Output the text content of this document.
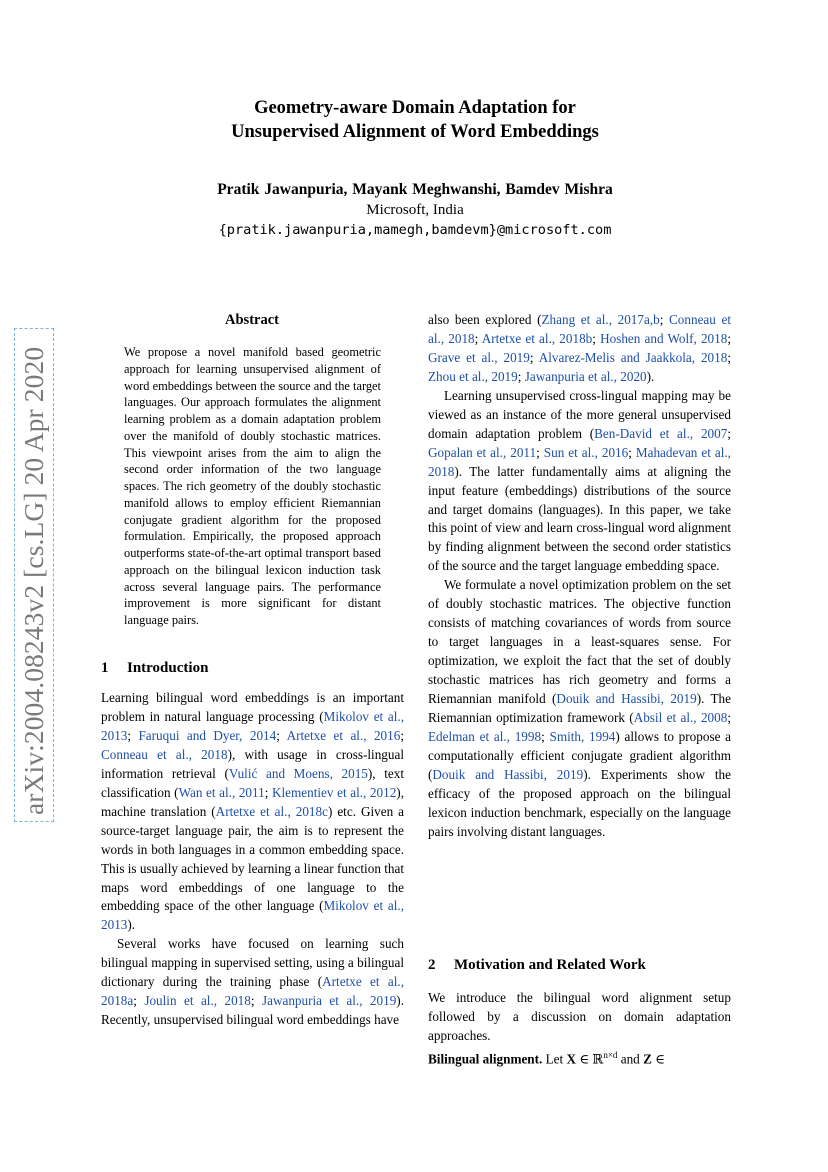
arXiv:2004.08243v2 [cs.LG] 20 Apr 2020
Geometry-aware Domain Adaptation for
Unsupervised Alignment of Word Embeddings
Pratik Jawanpuria, Mayank Meghwanshi, Bamdev Mishra
Microsoft, India
{pratik.jawanpuria,mamegh,bamdevm}@microsoft.com
Abstract
We propose a novel manifold based geometric approach for learning unsupervised alignment of word embeddings between the source and the target languages. Our approach formulates the alignment learning problem as a domain adaptation problem over the manifold of doubly stochastic matrices. This viewpoint arises from the aim to align the second order information of the two language spaces. The rich geometry of the doubly stochastic manifold allows to employ efficient Riemannian conjugate gradient algorithm for the proposed formulation. Empirically, the proposed approach outperforms state-of-the-art optimal transport based approach on the bilingual lexicon induction task across several language pairs. The performance improvement is more significant for distant language pairs.
1 Introduction

Learning bilingual word embeddings is an important problem in natural language processing (Mikolov et al., 2013; Faruqui and Dyer, 2014; Artetxe et al., 2016; Conneau et al., 2018), with usage in cross-lingual information retrieval (Vulić and Moens, 2015), text classification (Wan et al., 2011; Klementiev et al., 2012), machine translation (Artetxe et al., 2018c) etc. Given a source-target language pair, the aim is to represent the words in both languages in a common embedding space. This is usually achieved by learning a linear function that maps word embeddings of one language to the embedding space of the other language (Mikolov et al., 2013).

Several works have focused on learning such bilingual mapping in supervised setting, using a bilingual dictionary during the training phase (Artetxe et al., 2018a; Joulin et al., 2018; Jawanpuria et al., 2019). Recently, unsupervised bilingual word embeddings have

also been explored (Zhang et al., 2017a,b; Conneau et al., 2018; Artetxe et al., 2018b; Hoshen and Wolf, 2018; Grave et al., 2019; Alvarez-Melis and Jaakkola, 2018; Zhou et al., 2019; Jawanpuria et al., 2020).

Learning unsupervised cross-lingual mapping may be viewed as an instance of the more general unsupervised domain adaptation problem (Ben-David et al., 2007; Gopalan et al., 2011; Sun et al., 2016; Mahadevan et al., 2018). The latter fundamentally aims at aligning the input feature (embeddings) distributions of the source and target domains (languages). In this paper, we take this point of view and learn cross-lingual word alignment by finding alignment between the second order statistics of the source and the target language embedding space.

We formulate a novel optimization problem on the set of doubly stochastic matrices. The objective function consists of matching covariances of words from source to target languages in a least-squares sense. For optimization, we exploit the fact that the set of doubly stochastic matrices has rich geometry and forms a Riemannian manifold (Douik and Hassibi, 2019). The Riemannian optimization framework (Absil et al., 2008; Edelman et al., 1998; Smith, 1994) allows to propose a computationally efficient conjugate gradient algorithm (Douik and Hassibi, 2019). Experiments show the efficacy of the proposed approach on the bilingual lexicon induction benchmark, especially on the language pairs involving distant languages.

2 Motivation and Related Work

We introduce the bilingual word alignment setup followed by a discussion on domain adaptation approaches.

Bilingual alignment. Let X ∈ ℝ$^{n\times d}$ and Z ∈
